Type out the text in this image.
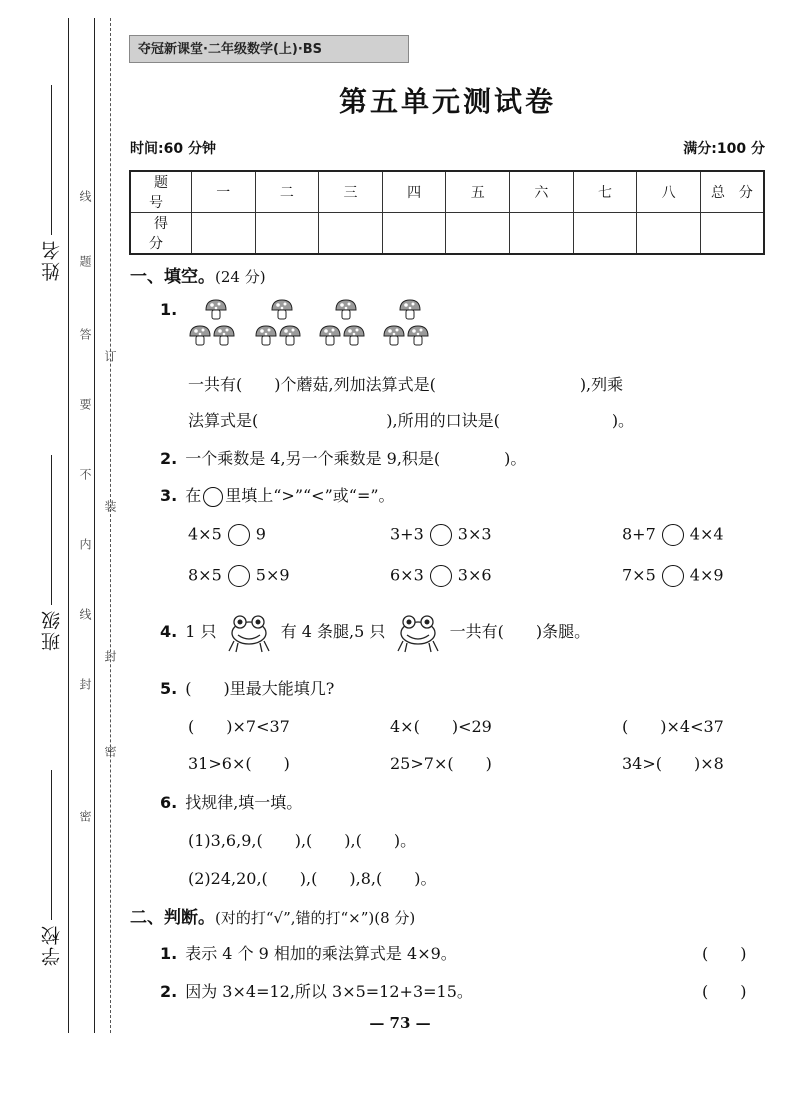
姓名
班级
学校
线
题
答
要
不
内
线
封
密
订
装
封
密
夺冠新课堂·二年级数学(上)·BS
第五单元测试卷
时间:60 分钟	满分:100 分
题　号	一	二	三	四	五	六	七	八	总　分
得　分									
一、填空。(24 分)
1.
一共有(　　)个蘑菇,列加法算式是(　　　　　　　　　),列乘
法算式是(　　　　　　　　),所用的口诀是(　　　　　　　)。
2. 一个乘数是 4,另一个乘数是 9,积是(　　　　)。
3. 在 里填上“>”“<”或“=”。
4×5 9	3+3 3×3	8+7 4×4
8×5 5×9	6×3 3×6	7×5 4×9
4. 1 只	有 4 条腿,5 只	一共有(　　)条腿。
5. (　　)里最大能填几?
(　　)×7<37	4×(　　)<29	(　　)×4<37
31>6×(　　)	25>7×(　　)	34>(　　)×8
6. 找规律,填一填。
(1)3,6,9,(　　),(　　),(　　)。
(2)24,20,(　　),(　　),8,(　　)。
二、判断。(对的打“√”,错的打“×”)(8 分)
1. 表示 4 个 9 相加的乘法算式是 4×9。	(　　)
2. 因为 3×4=12,所以 3×5=12+3=15。	(　　)
— 73 —
